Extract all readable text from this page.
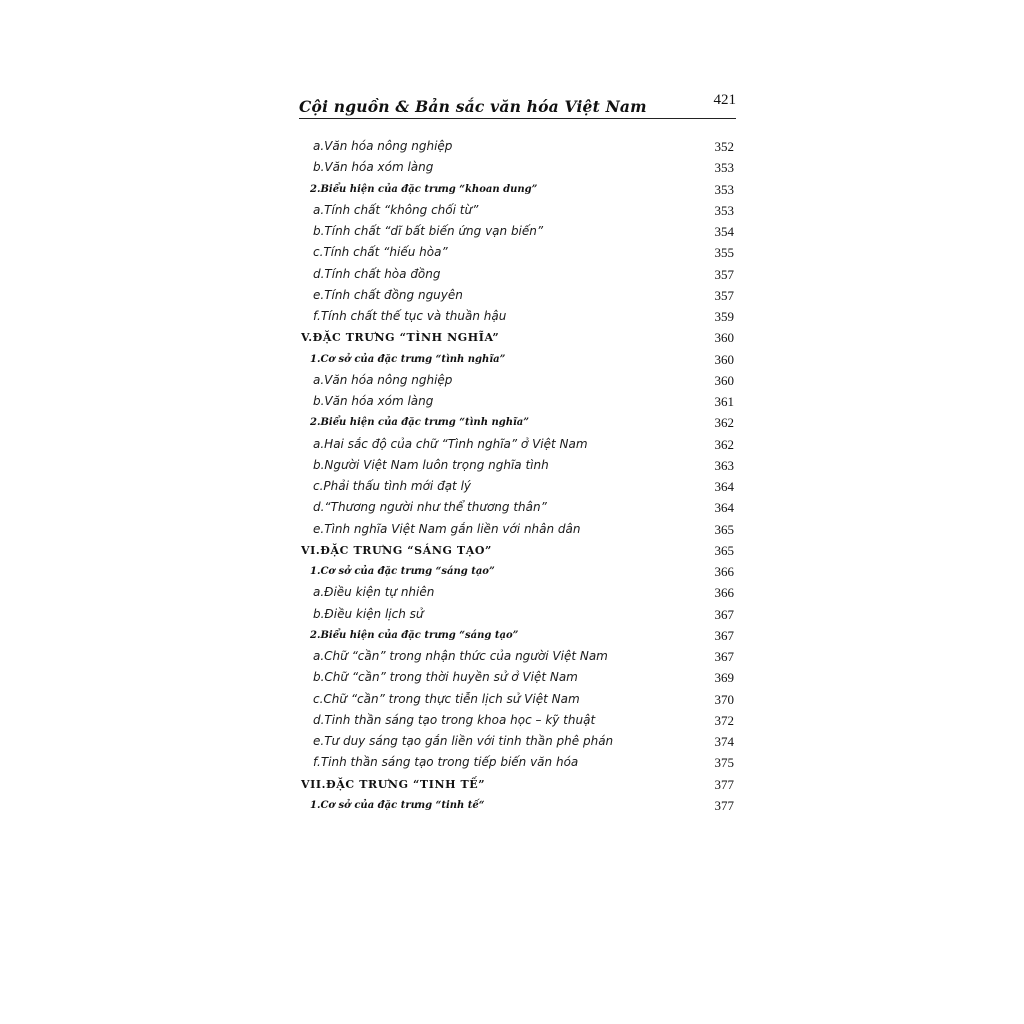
Cội nguồn & Bản sắc văn hóa Việt Nam	421
a.Văn hóa nông nghiệp	352
b.Văn hóa xóm làng	353
2.Biểu hiện của đặc trưng “khoan dung”	353
a.Tính chất “không chối từ”	353
b.Tính chất “dĩ bất biến ứng vạn biến”	354
c.Tính chất “hiếu hòa”	355
d.Tính chất hòa đồng	357
e.Tính chất đồng nguyên	357
f.Tính chất thế tục và thuần hậu	359
V.ĐẶC TRƯNG “TÌNH NGHĨA”	360
1.Cơ sở của đặc trưng “tình nghĩa”	360
a.Văn hóa nông nghiệp	360
b.Văn hóa xóm làng	361
2.Biểu hiện của đặc trưng “tình nghĩa”	362
a.Hai sắc độ của chữ “Tình nghĩa” ở Việt Nam	362
b.Người Việt Nam luôn trọng nghĩa tình	363
c.Phải thấu tình mới đạt lý	364
d.“Thương người như thể thương thân”	364
e.Tình nghĩa Việt Nam gắn liền với nhân dân	365
VI.ĐẶC TRƯNG “SÁNG TẠO”	365
1.Cơ sở của đặc trưng “sáng tạo”	366
a.Điều kiện tự nhiên	366
b.Điều kiện lịch sử	367
2.Biểu hiện của đặc trưng “sáng tạo”	367
a.Chữ “cần” trong nhận thức của người Việt Nam	367
b.Chữ “cần” trong thời huyền sử ở Việt Nam	369
c.Chữ “cần” trong thực tiễn lịch sử Việt Nam	370
d.Tinh thần sáng tạo trong khoa học – kỹ thuật	372
e.Tư duy sáng tạo gắn liền với tinh thần phê phán	374
f.Tinh thần sáng tạo trong tiếp biến văn hóa	375
VII.ĐẶC TRƯNG “TINH TẾ”	377
1.Cơ sở của đặc trưng “tinh tế“	377
